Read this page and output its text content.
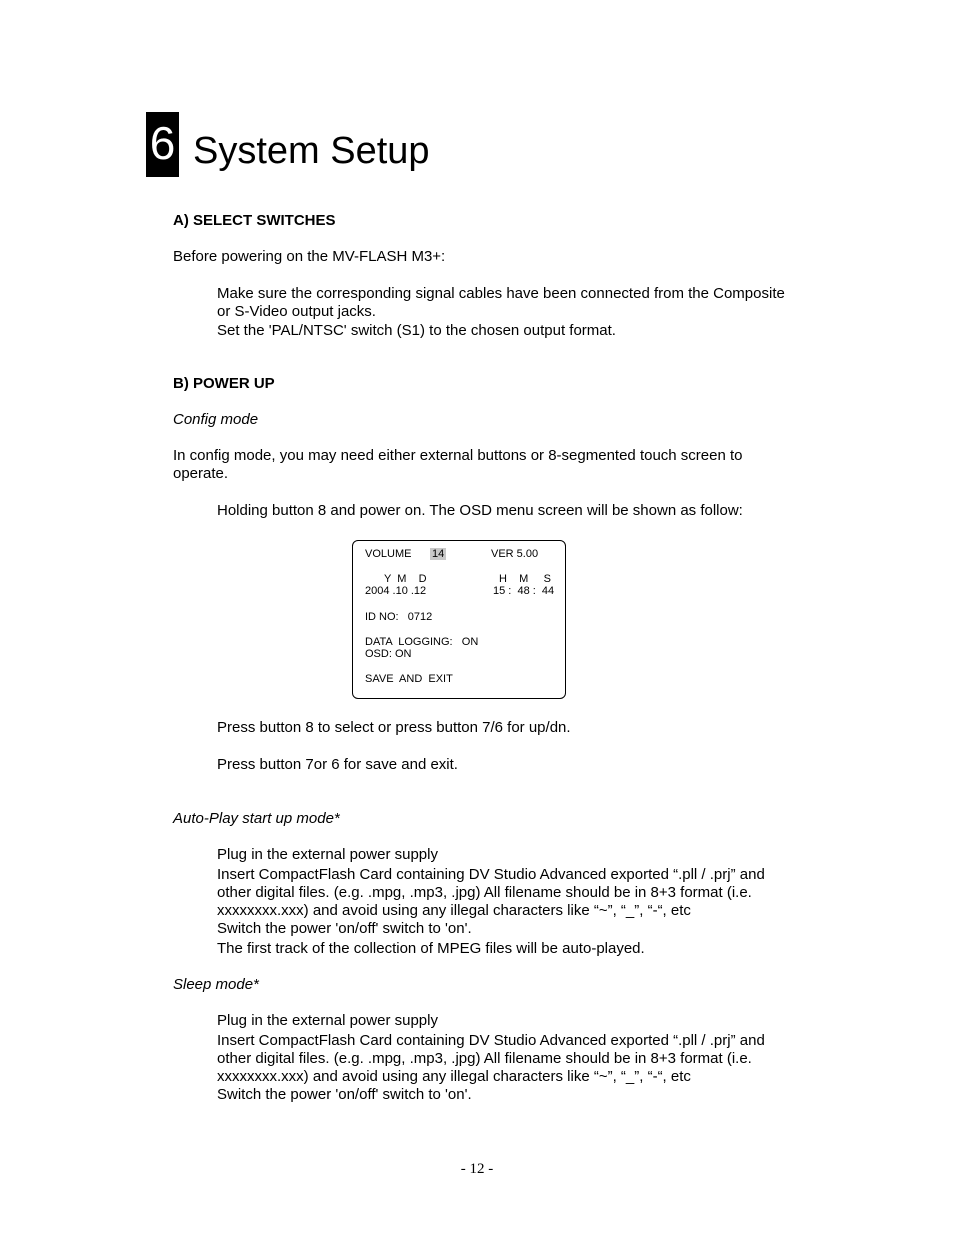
6 System Setup
A) SELECT SWITCHES
Before powering on the MV-FLASH M3+:
Make sure the corresponding signal cables have been connected from the Composite
or S-Video output jacks.
Set the 'PAL/NTSC' switch (S1) to the chosen output format.
B) POWER UP
Config mode
In config mode, you may need either external buttons or 8-segmented touch screen to
operate.
Holding button 8 and power on. The OSD menu screen will be shown as follow:
VOLUME 14	VER 5.00
Y  M    D
2004 .10 .12
H    M     S
15 :  48 :  44
ID NO:   0712
DATA  LOGGING:   ON
OSD: ON
SAVE  AND  EXIT
Press button 8 to select or press button 7/6 for up/dn.
Press button 7or 6 for save and exit.
Auto-Play start up mode*
Plug in the external power supply
Insert CompactFlash Card containing DV Studio Advanced exported “.pll / .prj” and
other digital files. (e.g. .mpg, .mp3, .jpg) All filename should be in 8+3 format (i.e.
xxxxxxxx.xxx) and avoid using any illegal characters like “~”, “_”, “-“, etc
Switch the power 'on/off' switch to 'on'.
The first track of the collection of MPEG files will be auto-played.
Sleep mode*
Plug in the external power supply
Insert CompactFlash Card containing DV Studio Advanced exported “.pll / .prj” and
other digital files. (e.g. .mpg, .mp3, .jpg) All filename should be in 8+3 format (i.e.
xxxxxxxx.xxx) and avoid using any illegal characters like “~”, “_”, “-“, etc
Switch the power 'on/off' switch to 'on'.
- 12 -
